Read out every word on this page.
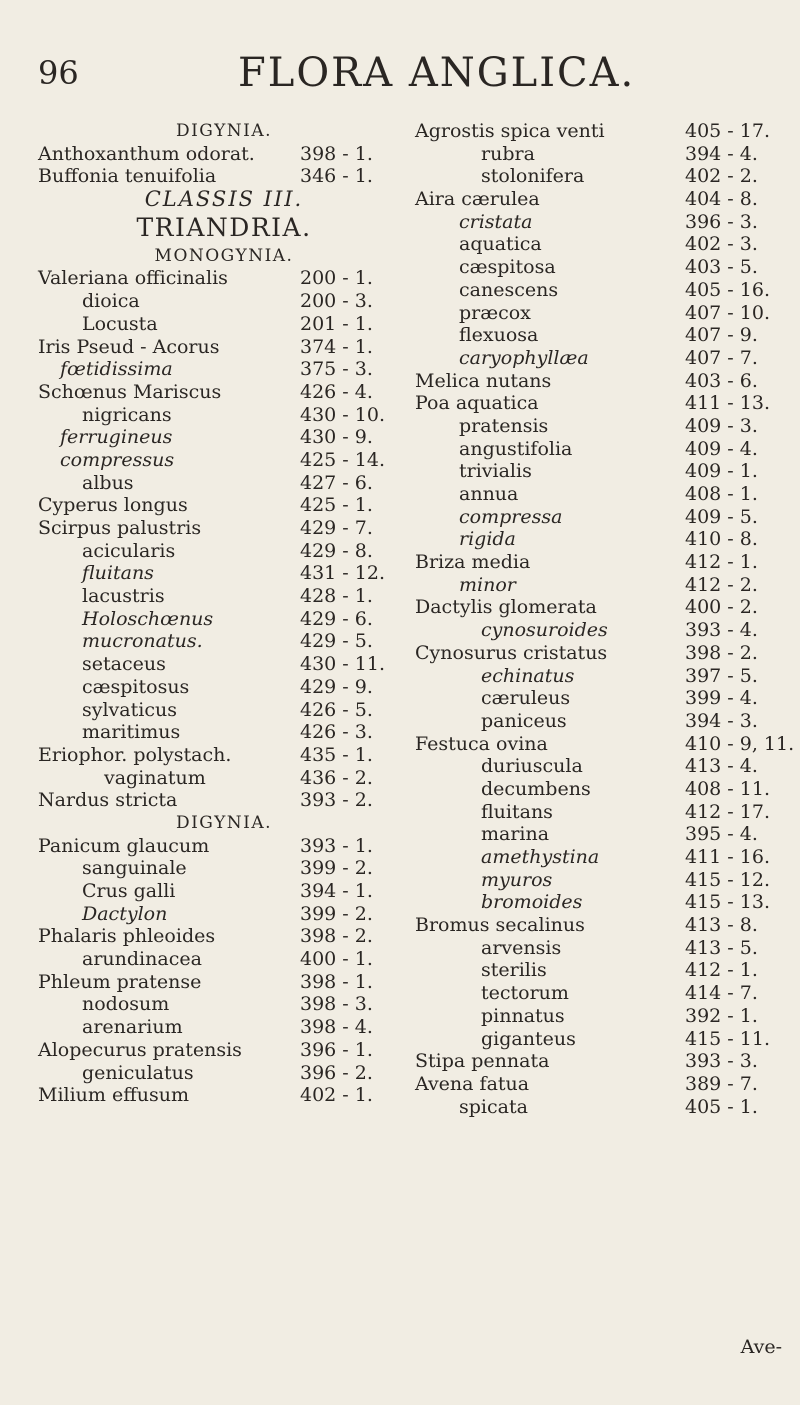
96	FLORA ANGLICA.
DIGYNIA.
Anthoxanthum odorat. 398 - 1.
Buffonia tenuifolia	346 - 1.
CLASSIS III.
TRIANDRIA.
MONOGYNIA.
Valeriana officinalis	200 - 1.
dioica	200 - 3.
Locusta	201 - 1.
Iris Pseud - Acorus	374 - 1.
fœtidissima	375 - 3.
Schœnus Mariscus	426 - 4.
nigricans	430 - 10.
ferrugineus	430 - 9.
compressus	425 - 14.
albus	427 - 6.
Cyperus longus	425 - 1.
Scirpus palustris	429 - 7.
acicularis	429 - 8.
fluitans	431 - 12.
lacustris	428 - 1.
Holoschœnus	429 - 6.
mucronatus.	429 - 5.
setaceus	430 - 11.
cæspitosus	429 - 9.
sylvaticus	426 - 5.
maritimus	426 - 3.
Eriophor. polystach.	435 - 1.
vaginatum	436 - 2.
Nardus stricta	393 - 2.
DIGYNIA.
Panicum glaucum	393 - 1.
sanguinale	399 - 2.
Crus galli	394 - 1.
Dactylon	399 - 2.
Phalaris phleoides	398 - 2.
arundinacea	400 - 1.
Phleum pratense	398 - 1.
nodosum	398 - 3.
arenarium	398 - 4.
Alopecurus pratensis	396 - 1.
geniculatus	396 - 2.
Milium effusum	402 - 1.
Agrostis spica venti	405 - 17.
rubra	394 - 4.
stolonifera	402 - 2.
Aira cærulea	404 - 8.
cristata	396 - 3.
aquatica	402 - 3.
cæspitosa	403 - 5.
canescens	405 - 16.
præcox	407 - 10.
flexuosa	407 - 9.
caryophyllæa	407 - 7.
Melica nutans	403 - 6.
Poa aquatica	411 - 13.
pratensis	409 - 3.
angustifolia	409 - 4.
trivialis	409 - 1.
annua	408 - 1.
compressa	409 - 5.
rigida	410 - 8.
Briza media	412 - 1.
minor	412 - 2.
Dactylis glomerata	400 - 2.
cynosuroides	393 - 4.
Cynosurus cristatus	398 - 2.
echinatus	397 - 5.
cæruleus	399 - 4.
paniceus	394 - 3.
Festuca ovina	410 - 9, 11.
duriuscula	413 - 4.
decumbens	408 - 11.
fluitans	412 - 17.
marina	395 - 4.
amethystina	411 - 16.
myuros	415 - 12.
bromoides	415 - 13.
Bromus secalinus	413 - 8.
arvensis	413 - 5.
sterilis	412 - 1.
tectorum	414 - 7.
pinnatus	392 - 1.
giganteus	415 - 11.
Stipa pennata	393 - 3.
Avena fatua	389 - 7.
spicata	405 - 1.
Ave-
